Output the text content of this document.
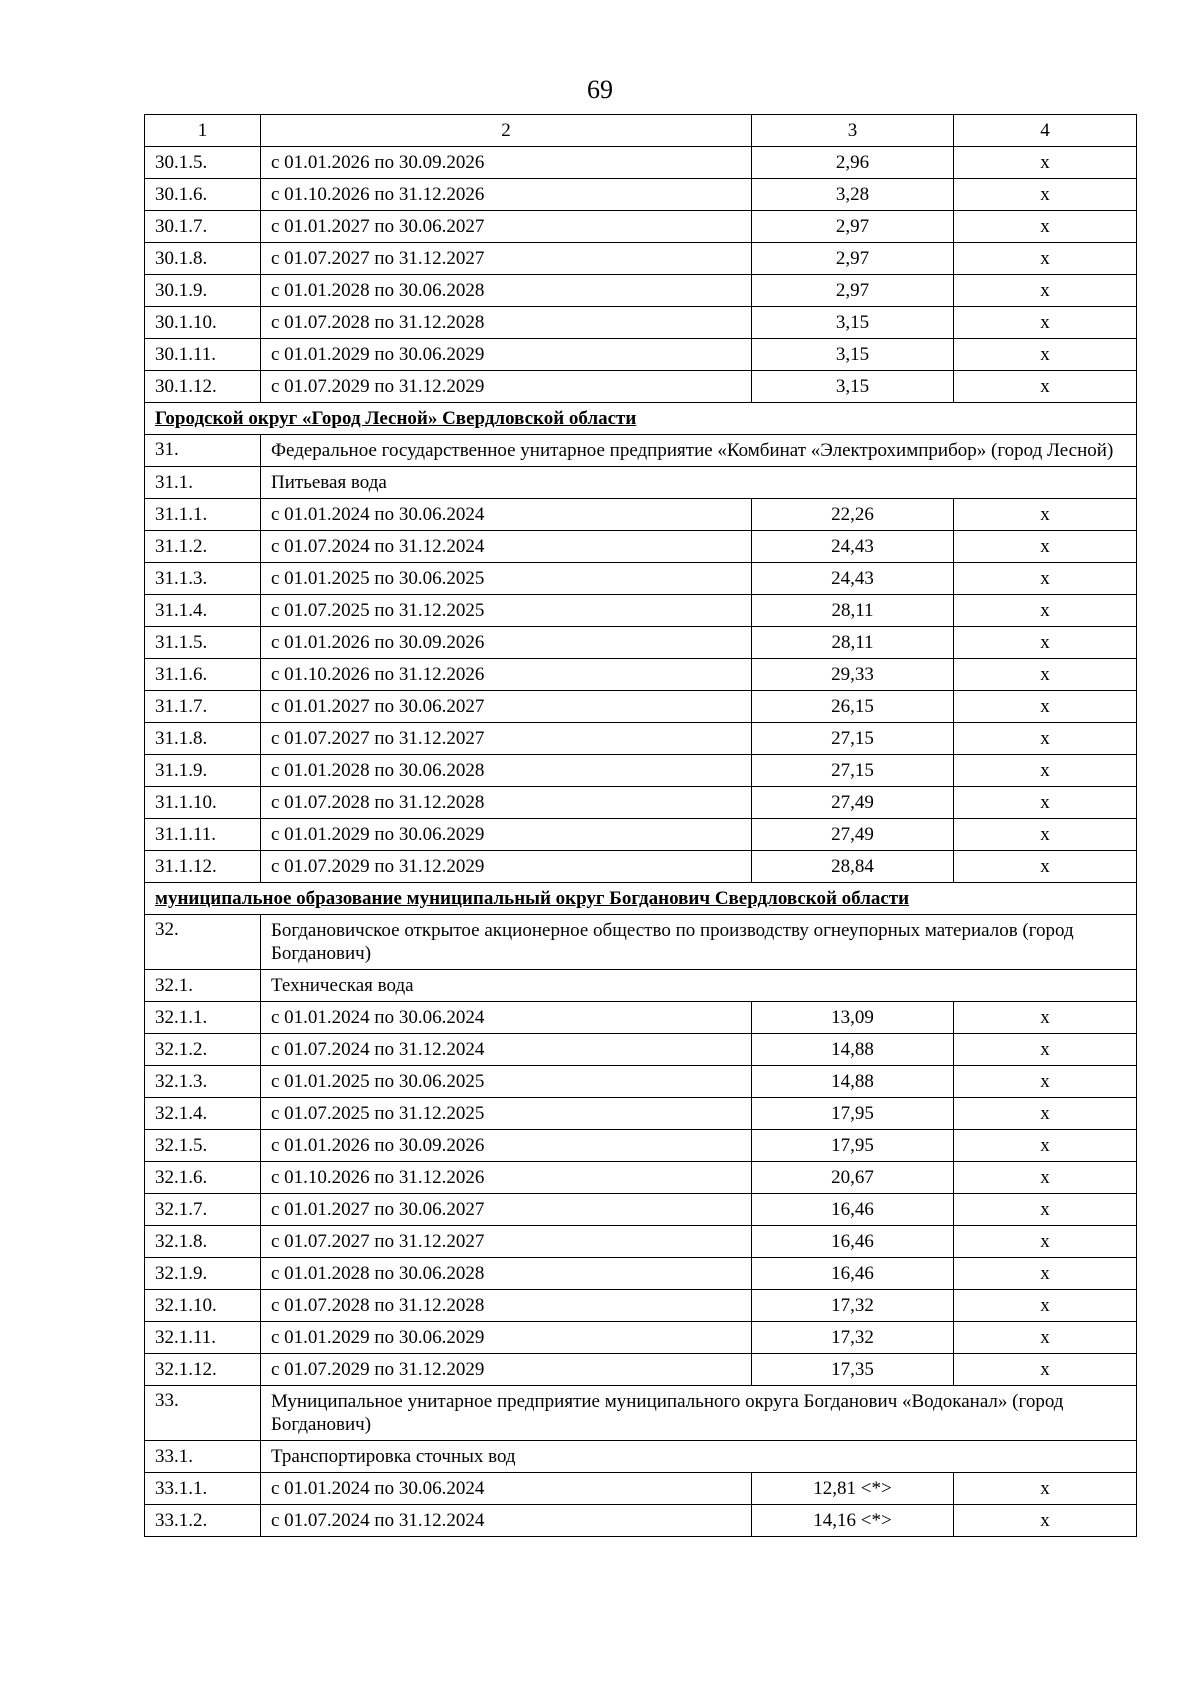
69
1	2	3	4
30.1.5.	с 01.01.2026 по 30.09.2026	2,96	х
30.1.6.	с 01.10.2026 по 31.12.2026	3,28	х
30.1.7.	с 01.01.2027 по 30.06.2027	2,97	х
30.1.8.	с 01.07.2027 по 31.12.2027	2,97	х
30.1.9.	с 01.01.2028 по 30.06.2028	2,97	х
30.1.10.	с 01.07.2028 по 31.12.2028	3,15	х
30.1.11.	с 01.01.2029 по 30.06.2029	3,15	х
30.1.12.	с 01.07.2029 по 31.12.2029	3,15	х
Городской округ «Город Лесной» Свердловской области			
31.	Федеральное государственное унитарное предприятие «Комбинат «Электрохимприбор» (город Лесной)		
31.1.	Питьевая вода		
31.1.1.	с 01.01.2024 по 30.06.2024	22,26	х
31.1.2.	с 01.07.2024 по 31.12.2024	24,43	х
31.1.3.	с 01.01.2025 по 30.06.2025	24,43	х
31.1.4.	с 01.07.2025 по 31.12.2025	28,11	х
31.1.5.	с 01.01.2026 по 30.09.2026	28,11	х
31.1.6.	с 01.10.2026 по 31.12.2026	29,33	х
31.1.7.	с 01.01.2027 по 30.06.2027	26,15	х
31.1.8.	с 01.07.2027 по 31.12.2027	27,15	х
31.1.9.	с 01.01.2028 по 30.06.2028	27,15	х
31.1.10.	с 01.07.2028 по 31.12.2028	27,49	х
31.1.11.	с 01.01.2029 по 30.06.2029	27,49	х
31.1.12.	с 01.07.2029 по 31.12.2029	28,84	х
муниципальное образование муниципальный округ Богданович Свердловской области			
32.	Богдановичское открытое акционерное общество по производству огнеупорных материалов (город Богданович)		
32.1.	Техническая вода		
32.1.1.	с 01.01.2024 по 30.06.2024	13,09	х
32.1.2.	с 01.07.2024 по 31.12.2024	14,88	х
32.1.3.	с 01.01.2025 по 30.06.2025	14,88	х
32.1.4.	с 01.07.2025 по 31.12.2025	17,95	х
32.1.5.	с 01.01.2026 по 30.09.2026	17,95	х
32.1.6.	с 01.10.2026 по 31.12.2026	20,67	х
32.1.7.	с 01.01.2027 по 30.06.2027	16,46	х
32.1.8.	с 01.07.2027 по 31.12.2027	16,46	х
32.1.9.	с 01.01.2028 по 30.06.2028	16,46	х
32.1.10.	с 01.07.2028 по 31.12.2028	17,32	х
32.1.11.	с 01.01.2029 по 30.06.2029	17,32	х
32.1.12.	с 01.07.2029 по 31.12.2029	17,35	х
33.	Муниципальное унитарное предприятие муниципального округа Богданович «Водоканал» (город Богданович)		
33.1.	Транспортировка сточных вод		
33.1.1.	с 01.01.2024 по 30.06.2024	12,81 <*>	х
33.1.2.	с 01.07.2024 по 31.12.2024	14,16 <*>	х
